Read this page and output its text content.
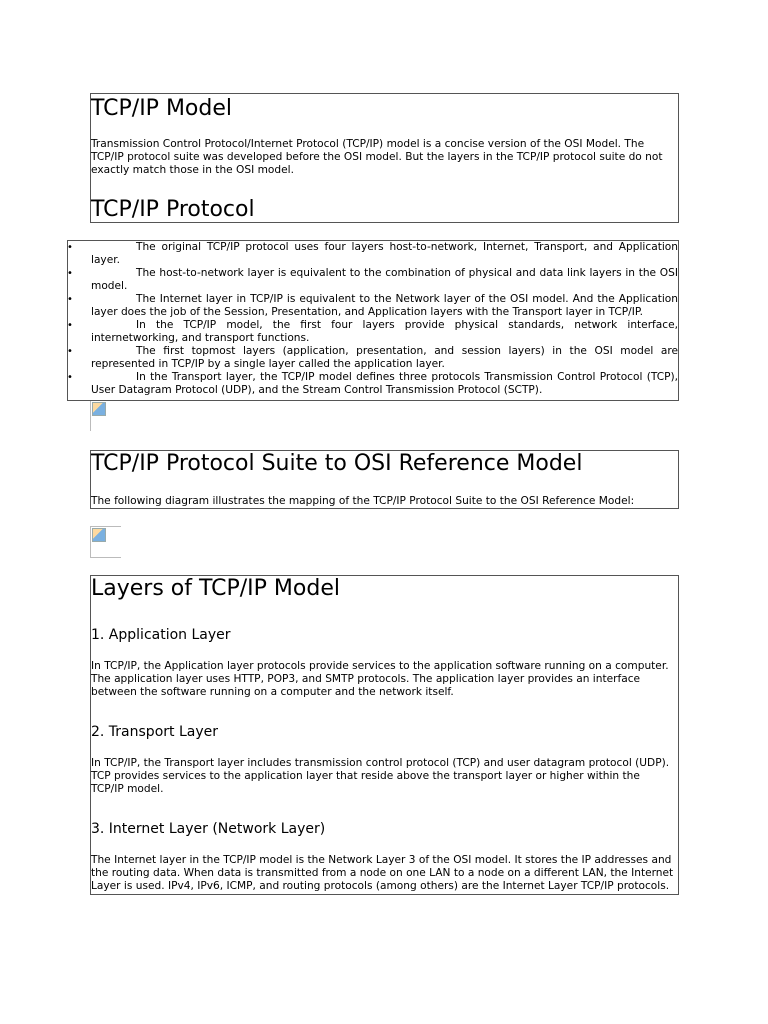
TCP/IP Model
Transmission Control Protocol/Internet Protocol (TCP/IP) model is a concise version of the OSI Model. The
TCP/IP protocol suite was developed before the OSI model. But the layers in the TCP/IP protocol suite do not
exactly match those in the OSI model.
TCP/IP Protocol
•	The original TCP/IP protocol uses four layers host-to-network, Internet, Transport, and Application layer.
•	The host-to-network layer is equivalent to the combination of physical and data link layers in the OSI model.
•	The Internet layer in TCP/IP is equivalent to the Network layer of the OSI model. And the Application layer does the job of the Session, Presentation, and Application layers with the Transport layer in TCP/IP.
•	In the TCP/IP model, the first four layers provide physical standards, network interface, internetworking, and transport functions.
•	The first topmost layers (application, presentation, and session layers) in the OSI model are represented in TCP/IP by a single layer called the application layer.
•	In the Transport layer, the TCP/IP model defines three protocols Transmission Control Protocol (TCP), User Datagram Protocol (UDP), and the Stream Control Transmission Protocol (SCTP).
TCP/IP Protocol Suite to OSI Reference Model

The following diagram illustrates the mapping of the TCP/IP Protocol Suite to the OSI Reference Model:

Layers of TCP/IP Model
1. Application Layer
In TCP/IP, the Application layer protocols provide services to the application software running on a computer.
The application layer uses HTTP, POP3, and SMTP protocols. The application layer provides an interface
between the software running on a computer and the network itself.
2. Transport Layer
In TCP/IP, the Transport layer includes transmission control protocol (TCP) and user datagram protocol (UDP).
TCP provides services to the application layer that reside above the transport layer or higher within the
TCP/IP model.
3. Internet Layer (Network Layer)
The Internet layer in the TCP/IP model is the Network Layer 3 of the OSI model. It stores the IP addresses and
the routing data. When data is transmitted from a node on one LAN to a node on a different LAN, the Internet
Layer is used. IPv4, IPv6, ICMP, and routing protocols (among others) are the Internet Layer TCP/IP protocols.
